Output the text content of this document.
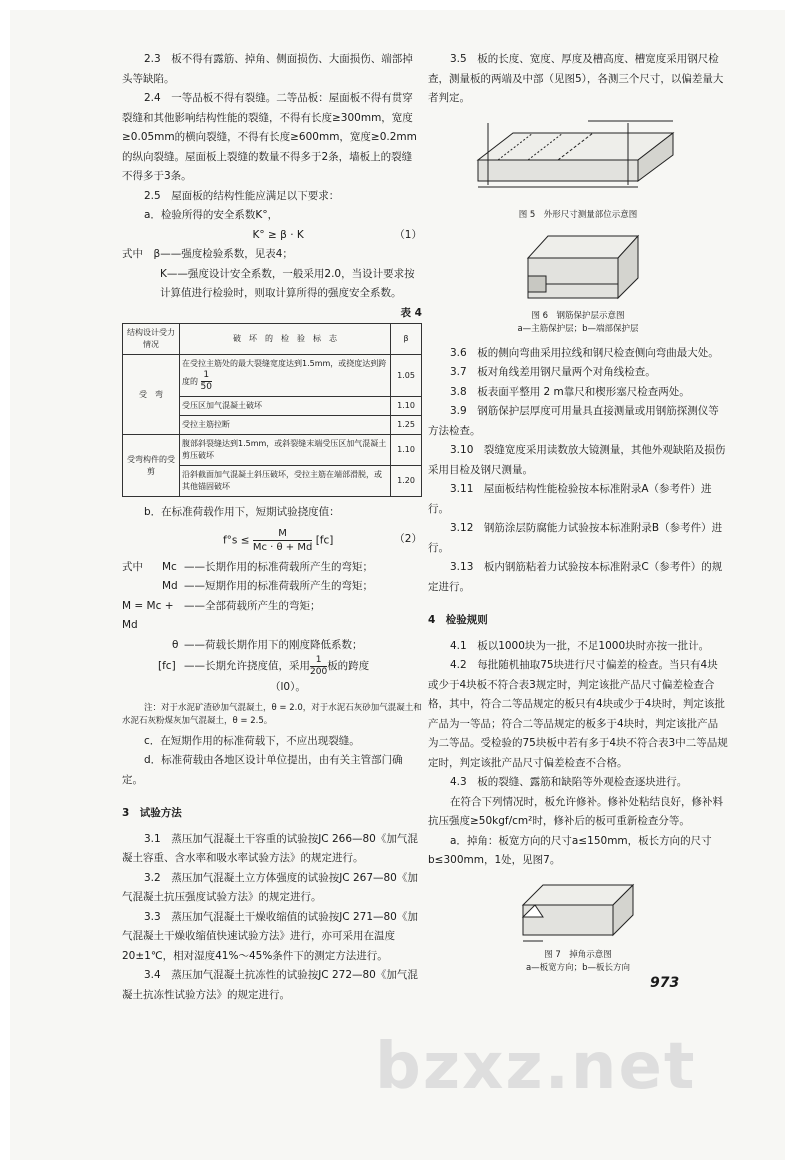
2.3　板不得有露筋、掉角、侧面损伤、大面损伤、端部掉头等缺陷。

2.4　一等品板不得有裂缝。二等品板：屋面板不得有贯穿裂缝和其他影响结构性能的裂缝，不得有长度≥300mm，宽度≥0.05mm的横向裂缝，不得有长度≥600mm，宽度≥0.2mm的纵向裂缝。屋面板上裂缝的数量不得多于2条，墙板上的裂缝不得多于3条。

2.5　屋面板的结构性能应满足以下要求：

a．检验所得的安全系数K°，

K° ≥ β · K	（1）
式中　β ——强度检验系数，见表4；

K——强度设计安全系数，一般采用2.0，当设计要求按计算值进行检验时，则取计算所得的强度安全系数。

表 4

结构设计受力情况	破　坏　的　检　验　标　志	β
受　弯	在受拉主筋处的最大裂缝宽度达到1.5mm，或挠度达到跨度的 $\frac{1}{50}$	1.05
	受压区加气混凝土破坏	1.10
	受拉主筋拉断	1.25
受弯构件的受剪	腹部斜裂缝达到1.5mm，或斜裂缝末端受压区加气混凝土剪压破坏	1.10
	沿斜截面加气混凝土斜压破坏，受拉主筋在端部滑脱，或其他锚固破坏	1.20

b．在标准荷载作用下，短期试验挠度值：

$f^\circ s \le \frac{M}{Mc \cdot \theta + Md} [fc]$	（2）
式中	Mc ——长期作用的标准荷载所产生的弯矩；
Md ——短期作用的标准荷载所产生的弯矩；
M = Mc + Md
——全部荷载所产生的弯矩；
θ ——荷载长期作用下的刚度降低系数；
[fc] ——长期允许挠度值，采用 $\frac{1}{200}$ 板的跨度

（l0）。

注：对于水泥矿渣砂加气混凝土，θ = 2.0，对于水泥石灰砂加气混凝土和水泥石灰粉煤灰加气混凝土，θ = 2.5。

c．在短期作用的标准荷载下，不应出现裂缝。

d．标准荷载由各地区设计单位提出，由有关主管部门确定。

3　试验方法

3.1　蒸压加气混凝土干容重的试验按JC 266—80《加气混凝土容重、含水率和吸水率试验方法》的规定进行。

3.2　蒸压加气混凝土立方体强度的试验按JC 267—80《加气混凝土抗压强度试验方法》的规定进行。

3.3　蒸压加气混凝土干燥收缩值的试验按JC 271—80《加气混凝土干燥收缩值快速试验方法》进行，亦可采用在温度20±1℃，相对湿度41%～45%条件下的测定方法进行。

3.4　蒸压加气混凝土抗冻性的试验按JC 272—80《加气混凝土抗冻性试验方法》的规定进行。

3.5　板的长度、宽度、厚度及槽高度、槽宽度采用钢尺检查，测量板的两端及中部（见图5），各测三个尺寸，以偏差量大者判定。

图 5　外形尺寸测量部位示意图

图 6　钢筋保护层示意图

a—主筋保护层；b—端部保护层

3.6　板的侧向弯曲采用拉线和钢尺检查侧向弯曲最大处。

3.7　板对角线差用钢尺量两个对角线检查。

3.8　板表面平整用 2 m靠尺和楔形塞尺检查两处。

3.9　钢筋保护层厚度可用量具直接测量或用钢筋探测仪等方法检查。

3.10　裂缝宽度采用读数放大镜测量，其他外观缺陷及损伤采用目检及钢尺测量。

3.11　屋面板结构性能检验按本标准附录A（参考件）进行。

3.12　钢筋涂层防腐能力试验按本标准附录B（参考件）进行。

3.13　板内钢筋粘着力试验按本标准附录C（参考件）的规定进行。

4　检验规则

4.1　板以1000块为一批，不足1000块时亦按一批计。

4.2　每批随机抽取75块进行尺寸偏差的检查。当只有4块或少于4块板不符合表3规定时，判定该批产品尺寸偏差检查合格，其中，符合二等品规定的板只有4块或少于4块时，判定该批产品为一等品；符合二等品规定的板多于4块时，判定该批产品为二等品。受检验的75块板中若有多于4块不符合表3中二等品规定时，判定该批产品尺寸偏差检查不合格。

4.3　板的裂缝、露筋和缺陷等外观检查逐块进行。

在符合下列情况时，板允许修补。修补处粘结良好，修补料抗压强度≥50kgf/cm²时，修补后的板可重新检查分等。

a．掉角：板宽方向的尺寸a≤150mm，板长方向的尺寸b≤300mm，1处，见图7。

图 7　掉角示意图

a—板宽方向；b—板长方向

973
bzxz.net
